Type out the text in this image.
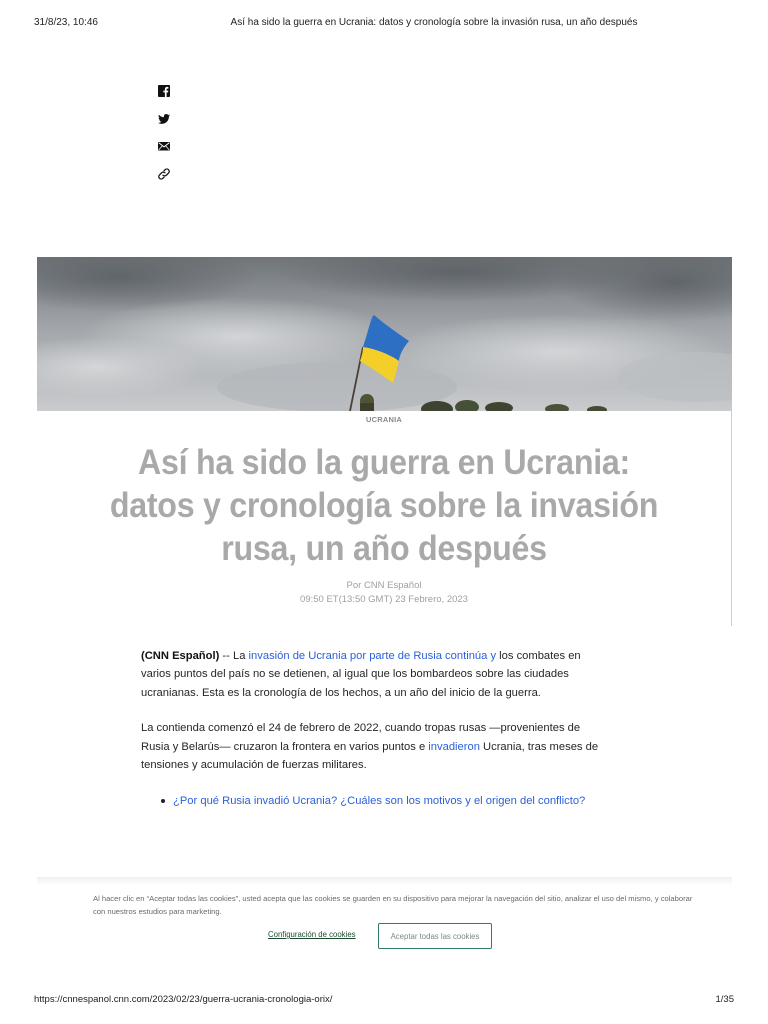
31/8/23, 10:46	Así ha sido la guerra en Ucrania: datos y cronología sobre la invasión rusa, un año después
UCRANIA
Así ha sido la guerra en Ucrania: datos y cronología sobre la invasión rusa, un año después
Por CNN Español
09:50 ET(13:50 GMT) 23 Febrero, 2023

(CNN Español) -- La invasión de Ucrania por parte de Rusia continúa y los combates en varios puntos del país no se detienen, al igual que los bombardeos sobre las ciudades ucranianas. Esta es la cronología de los hechos, a un año del inicio de la guerra.

La contienda comenzó el 24 de febrero de 2022, cuando tropas rusas —provenientes de Rusia y Belarús— cruzaron la frontera en varios puntos e invadieron Ucrania, tras meses de tensiones y acumulación de fuerzas militares.

¿Por qué Rusia invadió Ucrania? ¿Cuáles son los motivos y el origen del conflicto?
Al hacer clic en “Aceptar todas las cookies”, usted acepta que las cookies se guarden en su dispositivo para mejorar la navegación del sitio, analizar el uso del mismo, y colaborar con nuestros estudios para marketing.
Configuración de cookies	Aceptar todas las cookies
https://cnnespanol.cnn.com/2023/02/23/guerra-ucrania-cronologia-orix/	1/35
